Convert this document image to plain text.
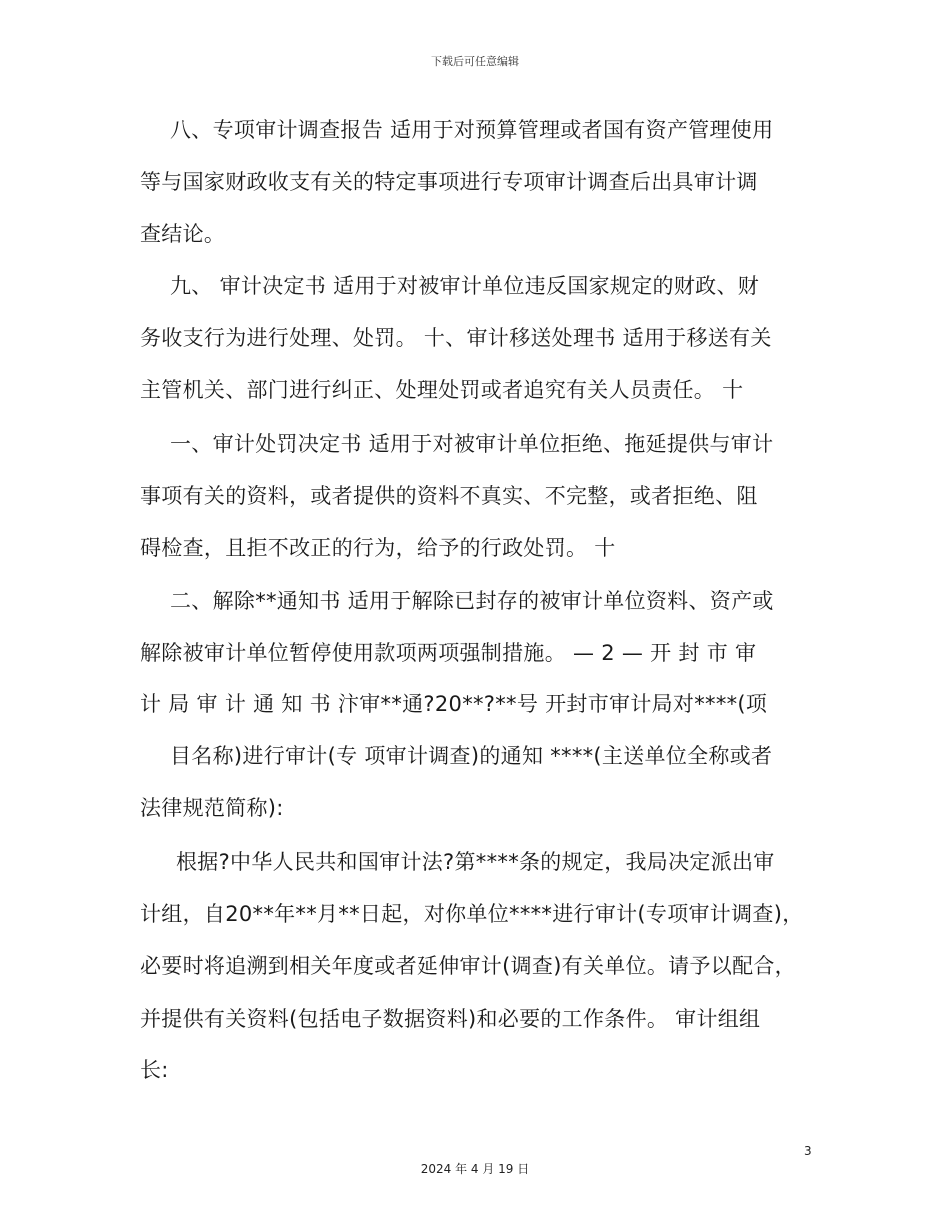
下载后可任意编辑
八、专项审计调查报告 适用于对预算管理或者国有资产管理使用
等与国家财政收支有关的特定事项进行专项审计调查后出具审计调
查结论。
九、 审计决定书 适用于对被审计单位违反国家规定的财政、财
务收支行为进行处理、处罚。 十、审计移送处理书 适用于移送有关
主管机关、部门进行纠正、处理处罚或者追究有关人员责任。 十
一、审计处罚决定书 适用于对被审计单位拒绝、拖延提供与审计
事项有关的资料，或者提供的资料不真实、不完整，或者拒绝、阻
碍检查，且拒不改正的行为，给予的行政处罚。 十
二、解除**通知书 适用于解除已封存的被审计单位资料、资产或
解除被审计单位暂停使用款项两项强制措施。 — 2 — 开 封 市 审
计 局 审 计 通 知 书 汴审**通?20**?**号 开封市审计局对****(项
目名称)进行审计(专 项审计调查)的通知 ****(主送单位全称或者
法律规范简称):
根据?中华人民共和国审计法?第****条的规定，我局决定派出审
计组，自20**年**月**日起，对你单位****进行审计(专项审计调查)，
必要时将追溯到相关年度或者延伸审计(调查)有关单位。请予以配合，
并提供有关资料(包括电子数据资料)和必要的工作条件。 审计组组
长:
3
2024 年 4 月 19 日
